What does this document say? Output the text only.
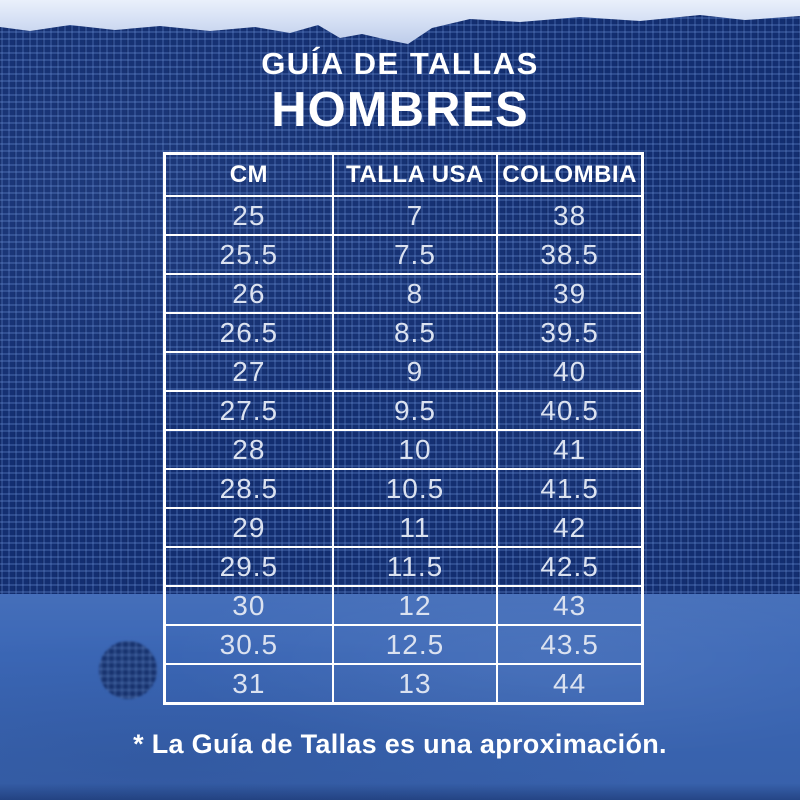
GUÍA DE TALLAS
HOMBRES
CM	TALLA USA	COLOMBIA
25	7	38
25.5	7.5	38.5
26	8	39
26.5	8.5	39.5
27	9	40
27.5	9.5	40.5
28	10	41
28.5	10.5	41.5
29	11	42
29.5	11.5	42.5
30	12	43
30.5	12.5	43.5
31	13	44
* La Guía de Tallas es una aproximación.
